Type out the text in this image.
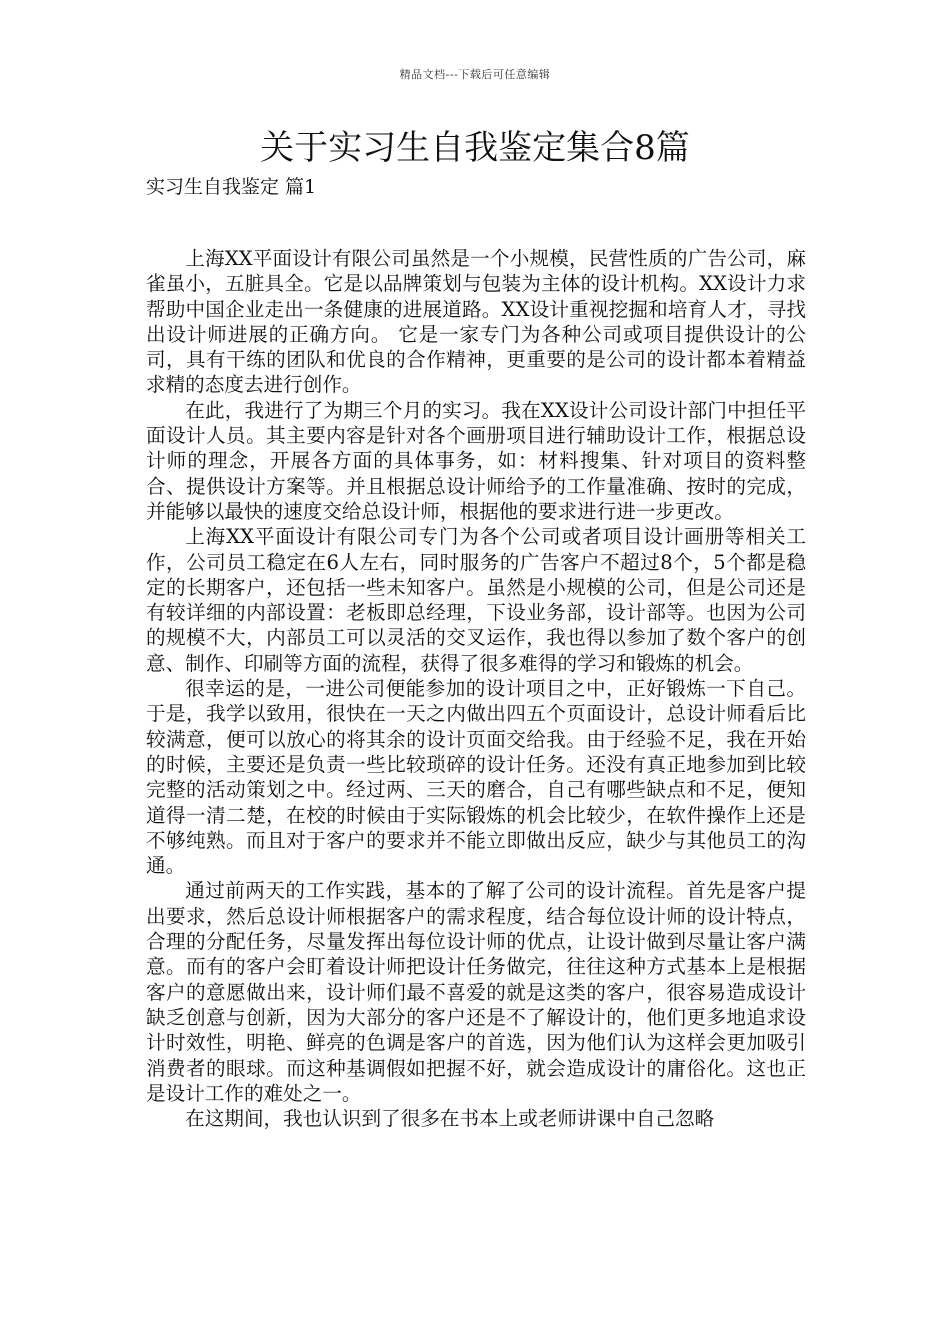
精品文档---下载后可任意编辑
关于实习生自我鉴定集合8篇
实习生自我鉴定 篇1

上海XX平面设计有限公司虽然是一个小规模，民营性质的广告公司，麻雀虽小，五脏具全。它是以品牌策划与包装为主体的设计机构。XX设计力求帮助中国企业走出一条健康的进展道路。XX设计重视挖掘和培育人才，寻找出设计师进展的正确方向。 它是一家专门为各种公司或项目提供设计的公司，具有干练的团队和优良的合作精神，更重要的是公司的设计都本着精益求精的态度去进行创作。

在此，我进行了为期三个月的实习。我在XX设计公司设计部门中担任平面设计人员。其主要内容是针对各个画册项目进行辅助设计工作，根据总设计师的理念，开展各方面的具体事务，如：材料搜集、针对项目的资料整合、提供设计方案等。并且根据总设计师给予的工作量准确、按时的完成，并能够以最快的速度交给总设计师，根据他的要求进行进一步更改。

上海XX平面设计有限公司专门为各个公司或者项目设计画册等相关工作，公司员工稳定在6人左右，同时服务的广告客户不超过8个，5个都是稳定的长期客户，还包括一些未知客户。虽然是小规模的公司，但是公司还是有较详细的内部设置：老板即总经理，下设业务部，设计部等。也因为公司的规模不大，内部员工可以灵活的交叉运作，我也得以参加了数个客户的创意、制作、印刷等方面的流程，获得了很多难得的学习和锻炼的机会。

很幸运的是，一进公司便能参加的设计项目之中，正好锻炼一下自己。于是，我学以致用，很快在一天之内做出四五个页面设计，总设计师看后比较满意，便可以放心的将其余的设计页面交给我。由于经验不足，我在开始的时候，主要还是负责一些比较琐碎的设计任务。还没有真正地参加到比较完整的活动策划之中。经过两、三天的磨合，自己有哪些缺点和不足，便知道得一清二楚，在校的时候由于实际锻炼的机会比较少，在软件操作上还是不够纯熟。而且对于客户的要求并不能立即做出反应，缺少与其他员工的沟通。

通过前两天的工作实践，基本的了解了公司的设计流程。首先是客户提出要求，然后总设计师根据客户的需求程度，结合每位设计师的设计特点，合理的分配任务，尽量发挥出每位设计师的优点，让设计做到尽量让客户满意。而有的客户会盯着设计师把设计任务做完，往往这种方式基本上是根据客户的意愿做出来，设计师们最不喜爱的就是这类的客户，很容易造成设计缺乏创意与创新，因为大部分的客户还是不了解设计的，他们更多地追求设计时效性，明艳、鲜亮的色调是客户的首选，因为他们认为这样会更加吸引消费者的眼球。而这种基调假如把握不好，就会造成设计的庸俗化。这也正是设计工作的难处之一。

在这期间，我也认识到了很多在书本上或老师讲课中自己忽略
